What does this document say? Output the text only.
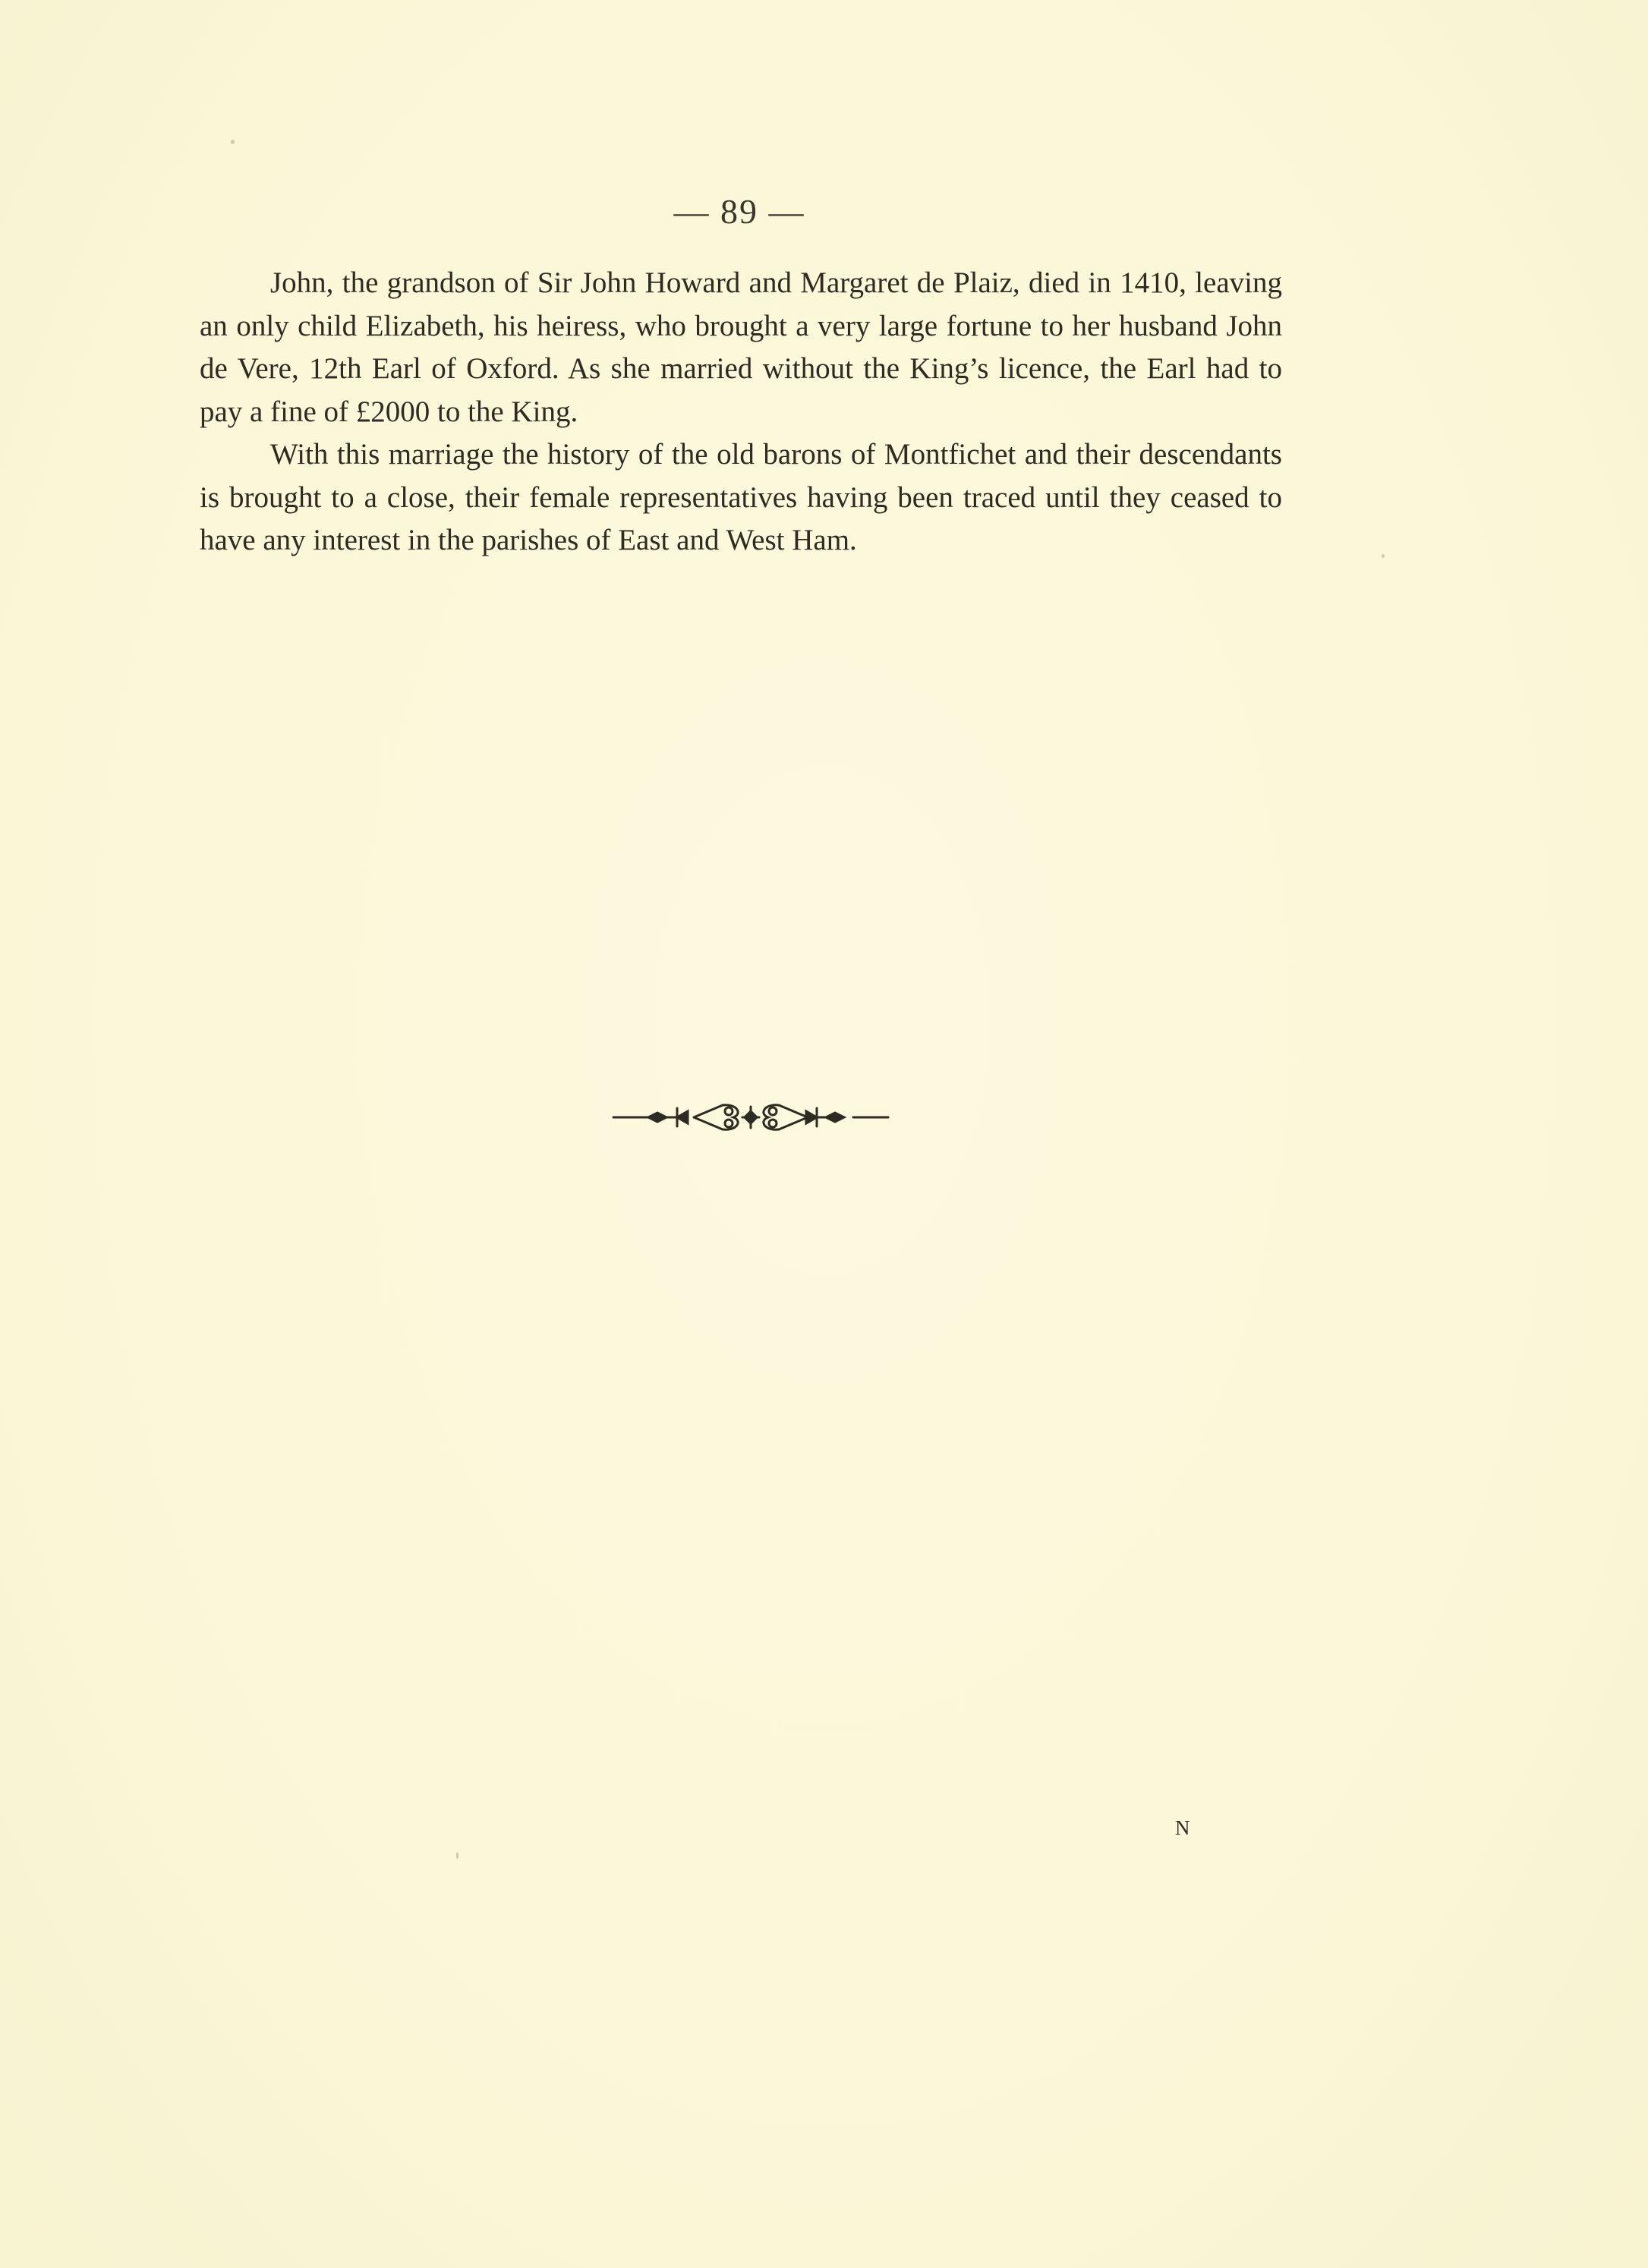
— 89 —

John, the grandson of Sir John Howard and Margaret de Plaiz, died in 1410, leaving an only child Elizabeth, his heiress, who brought a very large fortune to her husband John de Vere, 12th Earl of Oxford. As she married without the King’s licence, the Earl had to pay a fine of £2000 to the King.

With this marriage the history of the old barons of Montfichet and their descendants is brought to a close, their female representatives having been traced until they ceased to have any interest in the parishes of East and West Ham.

N
